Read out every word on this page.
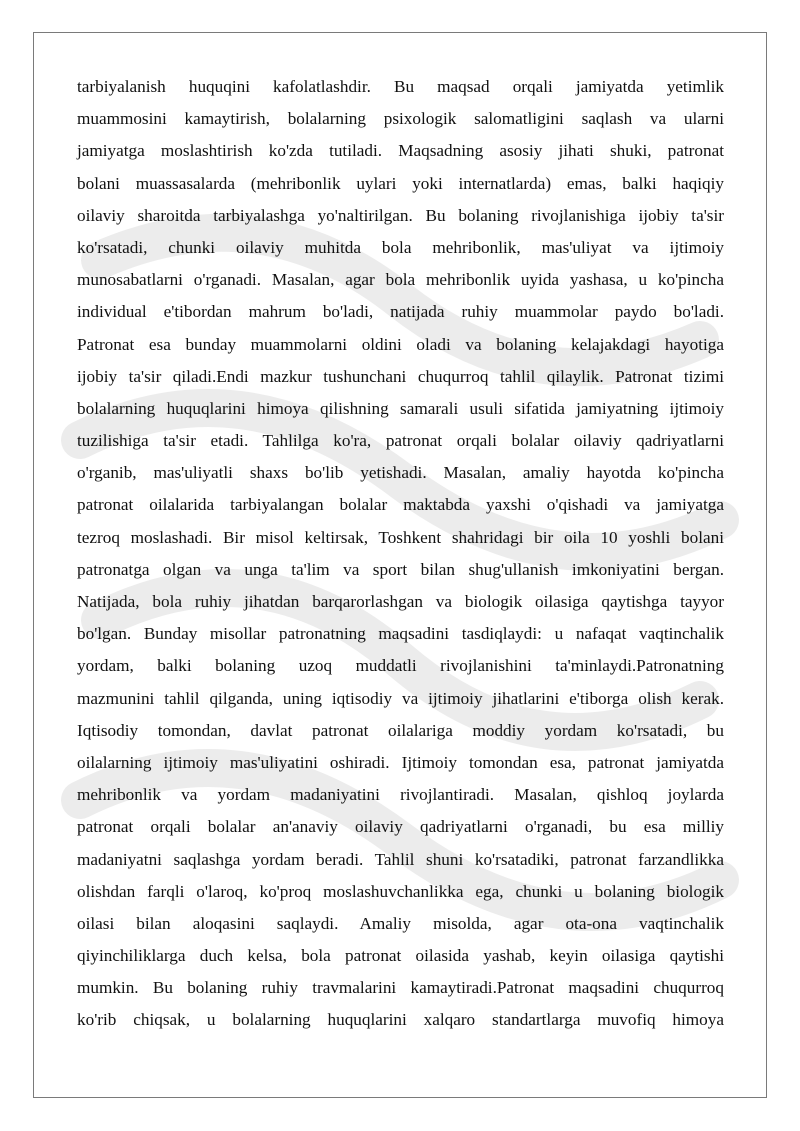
tarbiyalanish huquqini kafolatlashdir. Bu maqsad orqali jamiyatda yetimlik
muammosini kamaytirish, bolalarning psixologik salomatligini saqlash va ularni
jamiyatga moslashtirish ko'zda tutiladi. Maqsadning asosiy jihati shuki, patronat
bolani muassasalarda (mehribonlik uylari yoki internatlarda) emas, balki haqiqiy
oilaviy sharoitda tarbiyalashga yo'naltirilgan. Bu bolaning rivojlanishiga ijobiy ta'sir
ko'rsatadi, chunki oilaviy muhitda bola mehribonlik, mas'uliyat va ijtimoiy
munosabatlarni o'rganadi. Masalan, agar bola mehribonlik uyida yashasa, u ko'pincha
individual e'tibordan mahrum bo'ladi, natijada ruhiy muammolar paydo bo'ladi.
Patronat esa bunday muammolarni oldini oladi va bolaning kelajakdagi hayotiga
ijobiy ta'sir qiladi.Endi mazkur tushunchani chuqurroq tahlil qilaylik. Patronat tizimi
bolalarning huquqlarini himoya qilishning samarali usuli sifatida jamiyatning ijtimoiy
tuzilishiga ta'sir etadi. Tahlilga ko'ra, patronat orqali bolalar oilaviy qadriyatlarni
o'rganib, mas'uliyatli shaxs bo'lib yetishadi. Masalan, amaliy hayotda ko'pincha
patronat oilalarida tarbiyalangan bolalar maktabda yaxshi o'qishadi va jamiyatga
tezroq moslashadi. Bir misol keltirsak, Toshkent shahridagi bir oila 10 yoshli bolani
patronatga olgan va unga ta'lim va sport bilan shug'ullanish imkoniyatini bergan.
Natijada, bola ruhiy jihatdan barqarorlashgan va biologik oilasiga qaytishga tayyor
bo'lgan. Bunday misollar patronatning maqsadini tasdiqlaydi: u nafaqat vaqtinchalik
yordam, balki bolaning uzoq muddatli rivojlanishini ta'minlaydi.Patronatning
mazmunini tahlil qilganda, uning iqtisodiy va ijtimoiy jihatlarini e'tiborga olish kerak.
Iqtisodiy tomondan, davlat patronat oilalariga moddiy yordam ko'rsatadi, bu
oilalarning ijtimoiy mas'uliyatini oshiradi. Ijtimoiy tomondan esa, patronat jamiyatda
mehribonlik va yordam madaniyatini rivojlantiradi. Masalan, qishloq joylarda
patronat orqali bolalar an'anaviy oilaviy qadriyatlarni o'rganadi, bu esa milliy
madaniyatni saqlashga yordam beradi. Tahlil shuni ko'rsatadiki, patronat farzandlikka
olishdan farqli o'laroq, ko'proq moslashuvchanlikka ega, chunki u bolaning biologik
oilasi bilan aloqasini saqlaydi. Amaliy misolda, agar ota-ona vaqtinchalik
qiyinchiliklarga duch kelsa, bola patronat oilasida yashab, keyin oilasiga qaytishi
mumkin. Bu bolaning ruhiy travmalarini kamaytiradi.Patronat maqsadini chuqurroq
ko'rib chiqsak, u bolalarning huquqlarini xalqaro standartlarga muvofiq himoya
